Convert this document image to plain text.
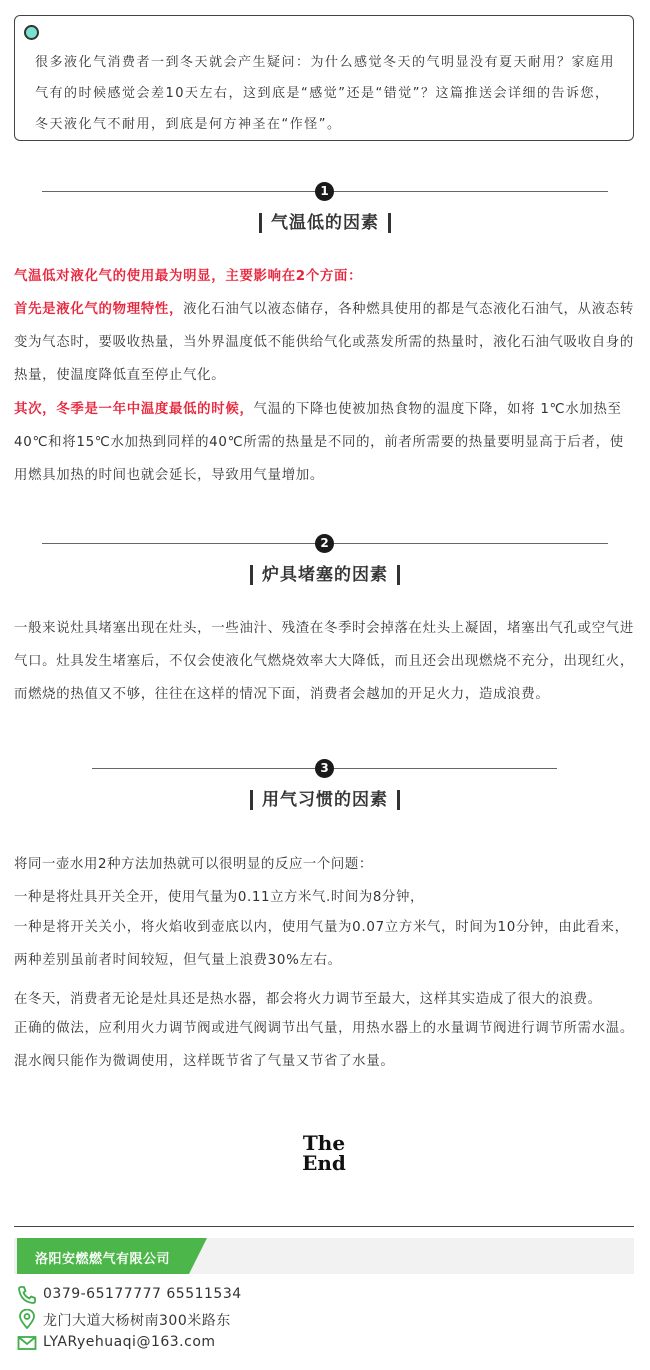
很多液化气消费者一到冬天就会产生疑问：为什么感觉冬天的气明显没有夏天耐用？家庭用气有的时候感觉会差10天左右，这到底是“感觉”还是“错觉”？这篇推送会详细的告诉您，冬天液化气不耐用，到底是何方神圣在“作怪”。

1
气温低的因素

气温低对液化气的使用最为明显，主要影响在2个方面：

首先是液化气的物理特性，液化石油气以液态储存，各种燃具使用的都是气态液化石油气，从液态转变为气态时，要吸收热量，当外界温度低不能供给气化或蒸发所需的热量时，液化石油气吸收自身的热量，使温度降低直至停止气化。

其次，冬季是一年中温度最低的时候，气温的下降也使被加热食物的温度下降，如将 1℃水加热至40℃和将15℃水加热到同样的40℃所需的热量是不同的，前者所需要的热量要明显高于后者，使用燃具加热的时间也就会延长，导致用气量增加。

2
炉具堵塞的因素

一般来说灶具堵塞出现在灶头，一些油汁、残渣在冬季时会掉落在灶头上凝固，堵塞出气孔或空气进气口。灶具发生堵塞后，不仅会使液化气燃烧效率大大降低，而且还会出现燃烧不充分，出现红火，而燃烧的热值又不够，往往在这样的情况下面，消费者会越加的开足火力，造成浪费。

3
用气习惯的因素

将同一壶水用2种方法加热就可以很明显的反应一个问题：

一种是将灶具开关全开，使用气量为0.11立方米气.时间为8分钟，

一种是将开关关小，将火焰收到壶底以内，使用气量为0.07立方米气，时间为10分钟，由此看来，两种差别虽前者时间较短，但气量上浪费30%左右。

在冬天，消费者无论是灶具还是热水器，都会将火力调节至最大，这样其实造成了很大的浪费。

正确的做法，应利用火力调节阀或进气阀调节出气量，用热水器上的水量调节阀进行调节所需水温。混水阀只能作为微调使用，这样既节省了气量又节省了水量。

The
End
洛阳安燃燃气有限公司
0379-65177777 65511534
龙门大道大杨树南300米路东
LYARyehuaqi@163.com
